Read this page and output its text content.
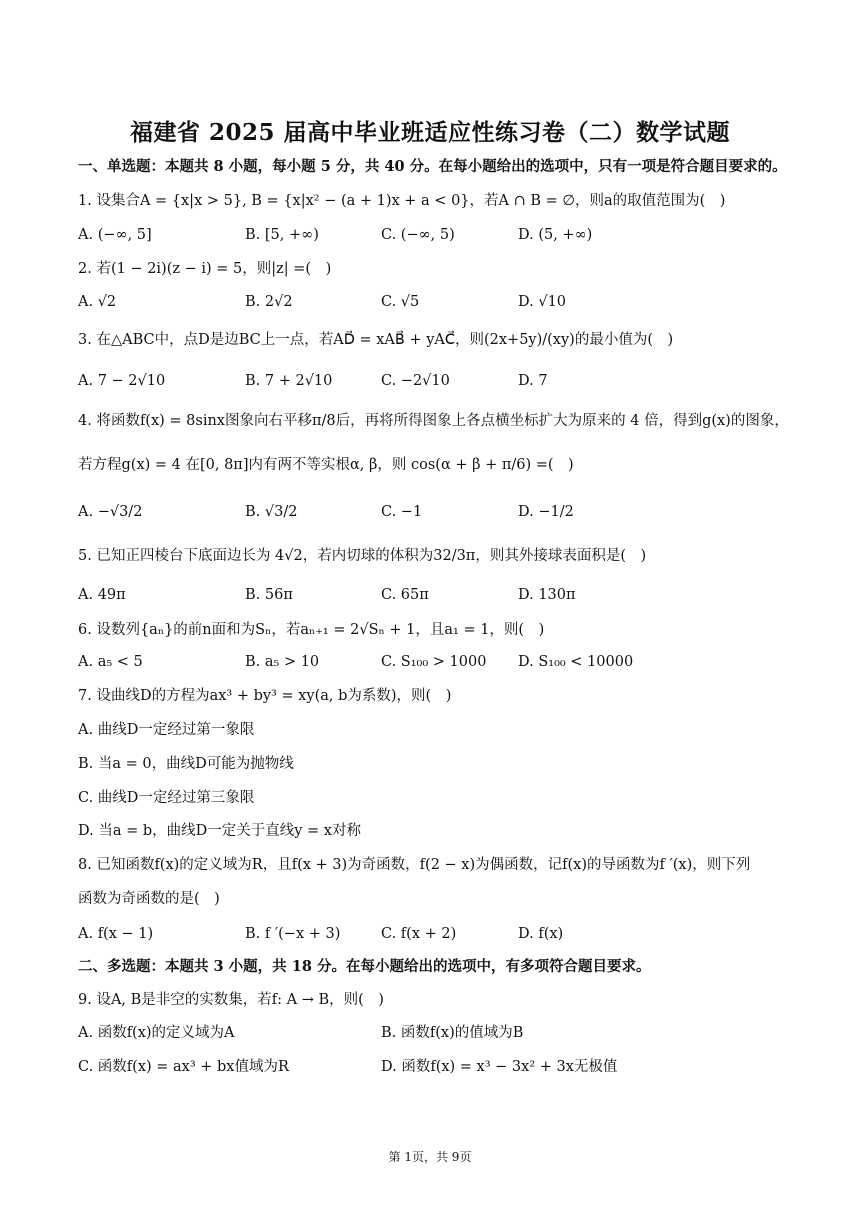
福建省 2025 届高中毕业班适应性练习卷（二）数学试题
一、单选题：本题共 8 小题，每小题 5 分，共 40 分。在每小题给出的选项中，只有一项是符合题目要求的。
1. 设集合A = {x|x > 5}, B = {x|x² − (a + 1)x + a < 0}，若A ∩ B = ∅，则a的取值范围为(　)
A. (−∞, 5]	B. [5, +∞)	C. (−∞, 5)	D. (5, +∞)
2. 若(1 − 2i)(z − i) = 5，则|z| =(　)
A. √2	B. 2√2	C. √5	D. √10
3. 在△ABC中，点D是边BC上一点，若AD⃗ = xAB⃗ + yAC⃗，则(2x+5y)/(xy)的最小值为(　)
A. 7 − 2√10	B. 7 + 2√10	C. −2√10	D. 7
4. 将函数f(x) = 8sinx图象向右平移π/8后，再将所得图象上各点横坐标扩大为原来的 4 倍，得到g(x)的图象，
若方程g(x) = 4 在[0, 8π]内有两不等实根α, β，则 cos(α + β + π/6) =(　)
A. −√3/2	B. √3/2	C. −1	D. −1/2
5. 已知正四棱台下底面边长为 4√2，若内切球的体积为32/3π，则其外接球表面积是(　)
A. 49π	B. 56π	C. 65π	D. 130π
6. 设数列{aₙ}的前n面和为Sₙ，若aₙ₊₁ = 2√Sₙ + 1，且a₁ = 1，则(　)
A. a₅ < 5	B. a₅ > 10	C. S₁₀₀ > 1000 D. S₁₀₀ < 10000
7. 设曲线D的方程为ax³ + by³ = xy(a, b为系数)，则(　)
A. 曲线D一定经过第一象限
B. 当a = 0，曲线D可能为抛物线
C. 曲线D一定经过第三象限
D. 当a = b，曲线D一定关于直线y = x对称
8. 已知函数f(x)的定义域为R，且f(x + 3)为奇函数，f(2 − x)为偶函数，记f(x)的导函数为f ′(x)，则下列
函数为奇函数的是(　)
A. f(x − 1)	B. f ′(−x + 3)	C. f(x + 2)	D. f(x)
二、多选题：本题共 3 小题，共 18 分。在每小题给出的选项中，有多项符合题目要求。
9. 设A, B是非空的实数集，若f: A → B，则(　)
A. 函数f(x)的定义域为A	B. 函数f(x)的值域为B
C. 函数f(x) = ax³ + bx值域为R	D. 函数f(x) = x³ − 3x² + 3x无极值
第 1页，共 9页
